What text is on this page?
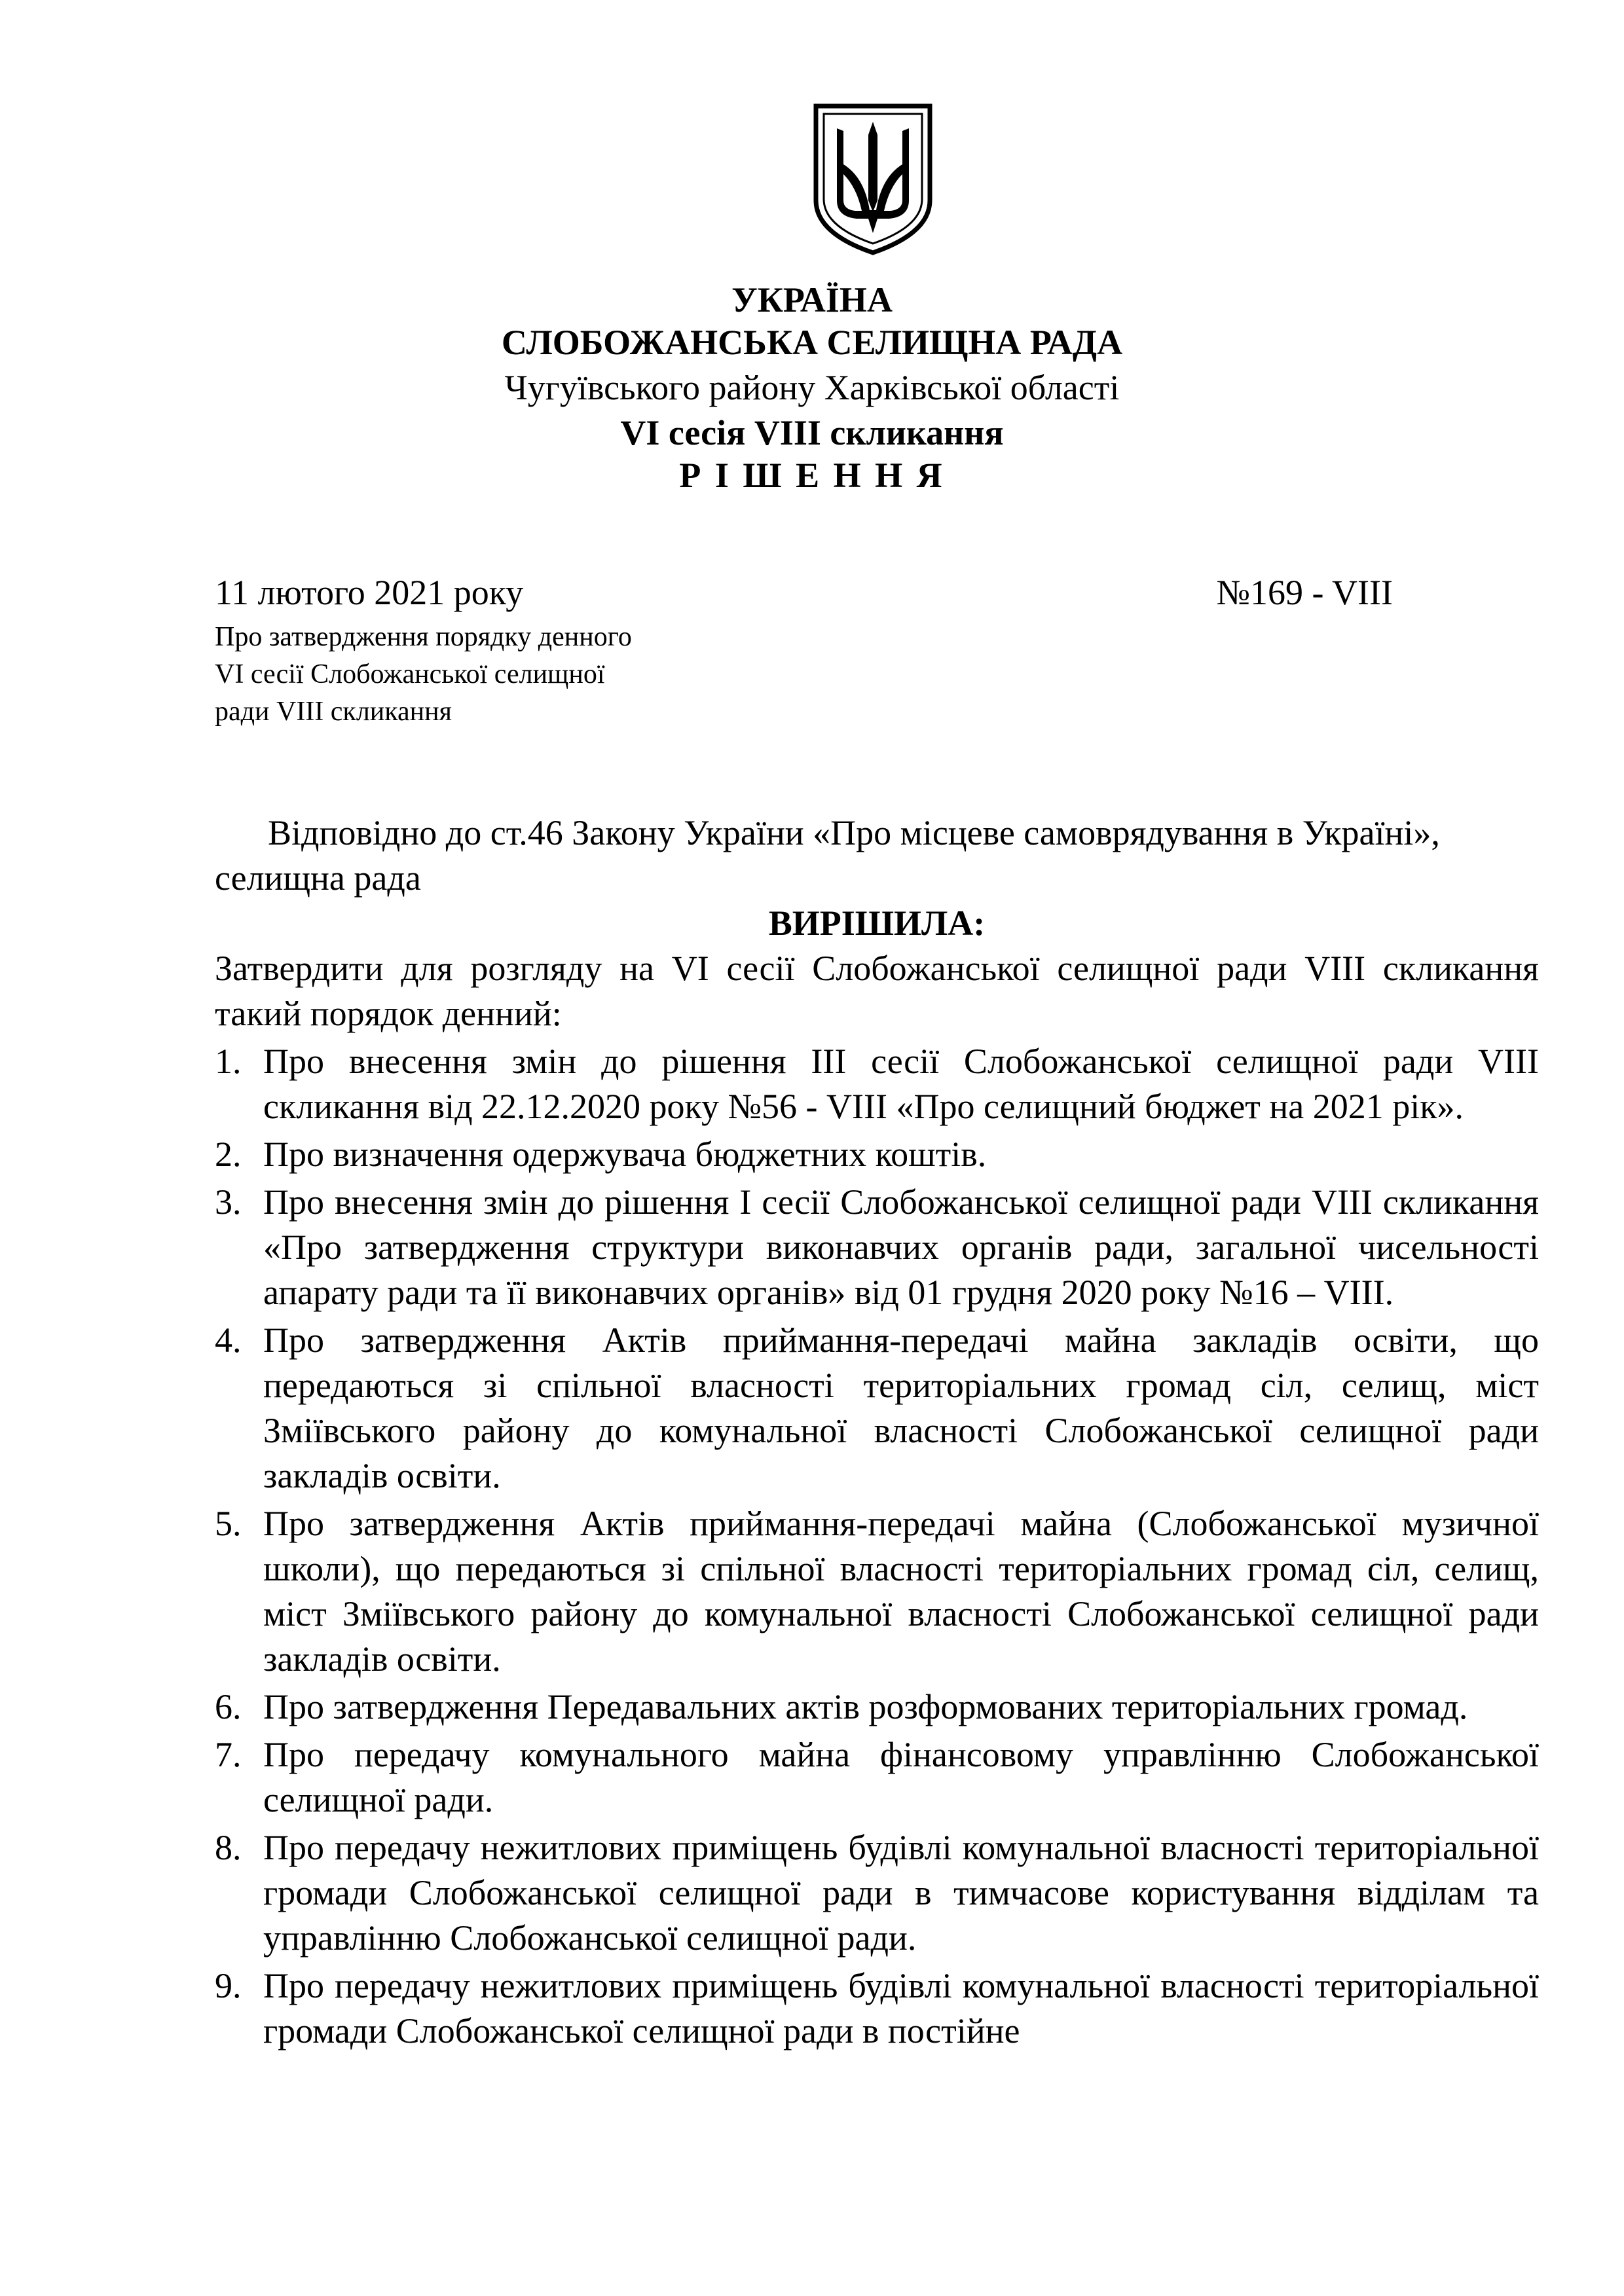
УКРАЇНА
СЛОБОЖАНСЬКА СЕЛИЩНА РАДА
Чугуївського району Харківської області
VI сесія VIII скликання
Р І Ш Е Н Н Я
11 лютого 2021 року	№169 - VIII
Про затвердження порядку денного
VI сесії Слобожанської селищної
ради VIII скликання
Відповідно до ст.46 Закону України «Про місцеве самоврядування в Україні», селищна рада
ВИРІШИЛА:
Затвердити для розгляду на VI сесії Слобожанської селищної ради VIII скликання такий порядок денний:
1. Про внесення змін до рішення III сесії Слобожанської селищної ради VIII скликання від 22.12.2020 року №56 - VIII «Про селищний бюджет на 2021 рік».
2. Про визначення одержувача бюджетних коштів.
3. Про внесення змін до рішення I сесії Слобожанської селищної ради VIII скликання «Про затвердження структури виконавчих органів ради, загальної чисельності апарату ради та її виконавчих органів» від 01 грудня 2020 року №16 – VIII.
4. Про затвердження Актів приймання-передачі майна закладів освіти, що передаються зі спільної власності територіальних громад сіл, селищ, міст Зміївського району до комунальної власності Слобожанської селищної ради закладів освіти.
5. Про затвердження Актів приймання-передачі майна (Слобожанської музичної школи), що передаються зі спільної власності територіальних громад сіл, селищ, міст Зміївського району до комунальної власності Слобожанської селищної ради закладів освіти.
6. Про затвердження Передавальних актів розформованих територіальних громад.
7. Про передачу комунального майна фінансовому управлінню Слобожанської селищної ради.
8. Про передачу нежитлових приміщень будівлі комунальної власності територіальної громади Слобожанської селищної ради в тимчасове користування відділам та управлінню Слобожанської селищної ради.
9. Про передачу нежитлових приміщень будівлі комунальної власності територіальної громади Слобожанської селищної ради в постійне
